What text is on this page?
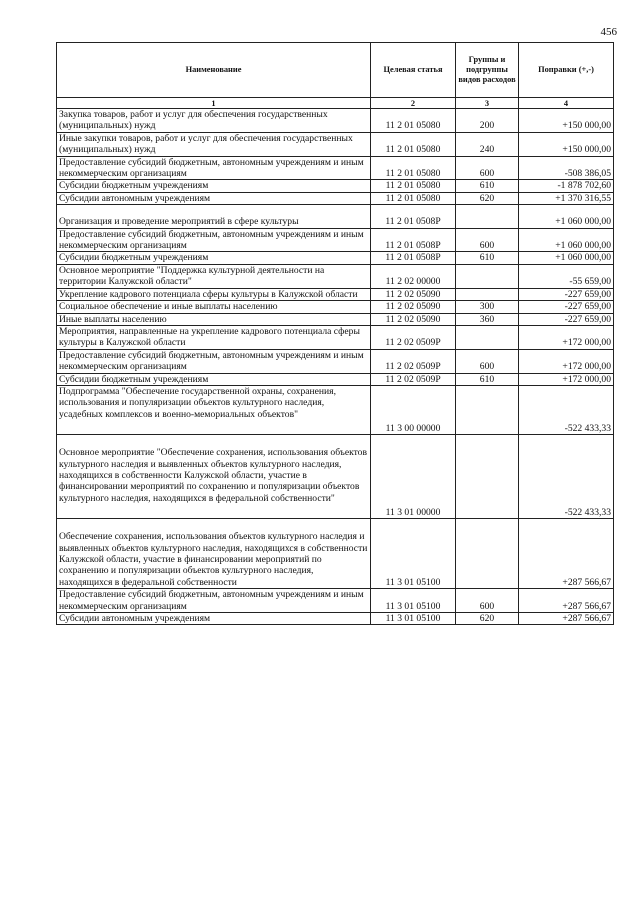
456
Наименование	Целевая статья	Группы и подгруппы видов расходов	Поправки (+,-)
1	2	3	4
Закупка товаров, работ и услуг для обеспечения государственных (муниципальных) нужд	11 2 01 05080	200	+150 000,00
Иные закупки товаров, работ и услуг для обеспечения государственных (муниципальных) нужд	11 2 01 05080	240	+150 000,00
Предоставление субсидий бюджетным, автономным учреждениям и иным некоммерческим организациям	11 2 01 05080	600	-508 386,05
Субсидии бюджетным учреждениям	11 2 01 05080	610	-1 878 702,60
Субсидии автономным учреждениям	11 2 01 05080	620	+1 370 316,55
Организация и проведение мероприятий в сфере культуры	11 2 01 0508P		+1 060 000,00
Предоставление субсидий бюджетным, автономным учреждениям и иным некоммерческим организациям	11 2 01 0508P	600	+1 060 000,00
Субсидии бюджетным учреждениям	11 2 01 0508P	610	+1 060 000,00
Основное мероприятие "Поддержка культурной деятельности на территории Калужской области"	11 2 02 00000		-55 659,00
Укрепление кадрового потенциала сферы культуры в Калужской области	11 2 02 05090		-227 659,00
Социальное обеспечение и иные выплаты населению	11 2 02 05090	300	-227 659,00
Иные выплаты населению	11 2 02 05090	360	-227 659,00
Мероприятия, направленные на укрепление кадрового потенциала сферы культуры в Калужской области	11 2 02 0509P		+172 000,00
Предоставление субсидий бюджетным, автономным учреждениям и иным некоммерческим организациям	11 2 02 0509P	600	+172 000,00
Субсидии бюджетным учреждениям	11 2 02 0509P	610	+172 000,00
Подпрограмма "Обеспечение государственной охраны, сохранения, использования и популяризации объектов культурного наследия, усадебных комплексов и военно-мемориальных объектов"	11 3 00 00000		-522 433,33
Основное мероприятие "Обеспечение сохранения, использования объектов культурного наследия и выявленных объектов культурного наследия, находящихся в собственности Калужской области, участие в финансировании мероприятий по сохранению и популяризации объектов культурного наследия, находящихся в федеральной собственности"	11 3 01 00000		-522 433,33
Обеспечение сохранения, использования объектов культурного наследия и выявленных объектов культурного наследия, находящихся в собственности Калужской области, участие в финансировании мероприятий по сохранению и популяризации объектов культурного наследия, находящихся в федеральной собственности	11 3 01 05100		+287 566,67
Предоставление субсидий бюджетным, автономным учреждениям и иным некоммерческим организациям	11 3 01 05100	600	+287 566,67
Субсидии автономным учреждениям	11 3 01 05100	620	+287 566,67
